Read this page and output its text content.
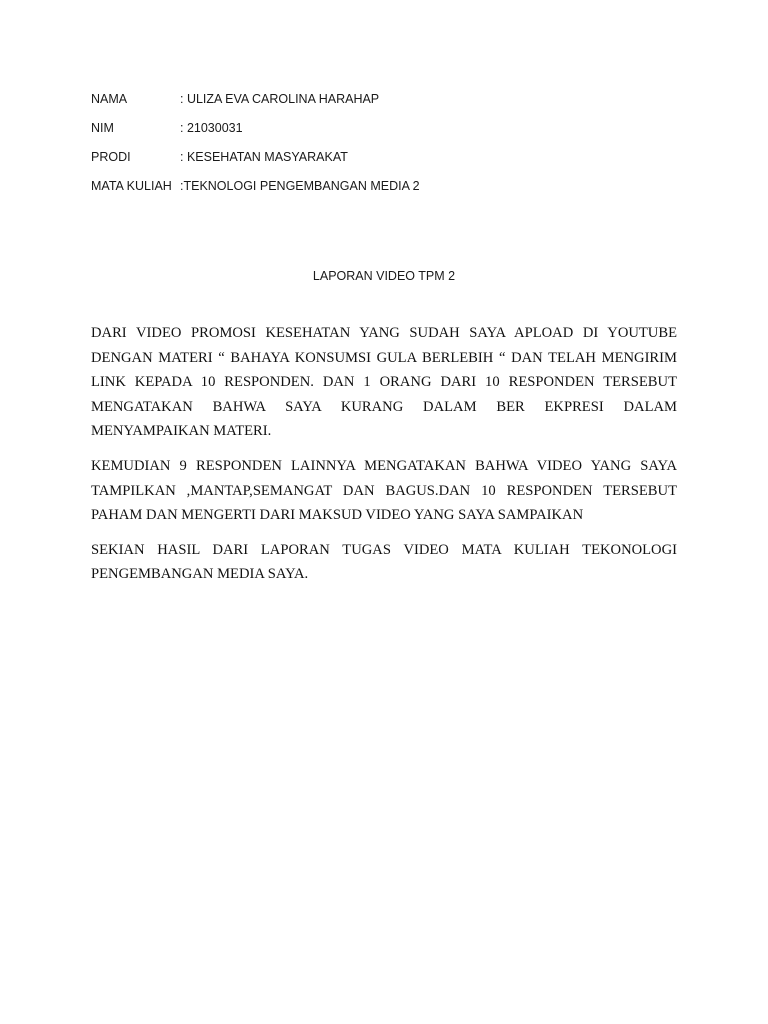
NAMA	: ULIZA EVA CAROLINA HARAHAP
NIM	: 21030031
PRODI	: KESEHATAN MASYARAKAT
MATA KULIAH :TEKNOLOGI PENGEMBANGAN MEDIA 2
LAPORAN VIDEO TPM 2

DARI VIDEO PROMOSI KESEHATAN YANG SUDAH SAYA APLOAD DI YOUTUBE DENGAN MATERI “ BAHAYA KONSUMSI GULA BERLEBIH “ DAN TELAH MENGIRIM LINK KEPADA 10 RESPONDEN. DAN 1 ORANG DARI 10 RESPONDEN TERSEBUT MENGATAKAN BAHWA SAYA KURANG DALAM BER EKPRESI DALAM MENYAMPAIKAN MATERI.

KEMUDIAN 9 RESPONDEN LAINNYA MENGATAKAN BAHWA VIDEO YANG SAYA TAMPILKAN ,MANTAP,SEMANGAT DAN BAGUS.DAN 10 RESPONDEN TERSEBUT PAHAM DAN MENGERTI DARI MAKSUD VIDEO YANG SAYA SAMPAIKAN

SEKIAN HASIL DARI LAPORAN TUGAS VIDEO MATA KULIAH TEKONOLOGI PENGEMBANGAN MEDIA SAYA.
